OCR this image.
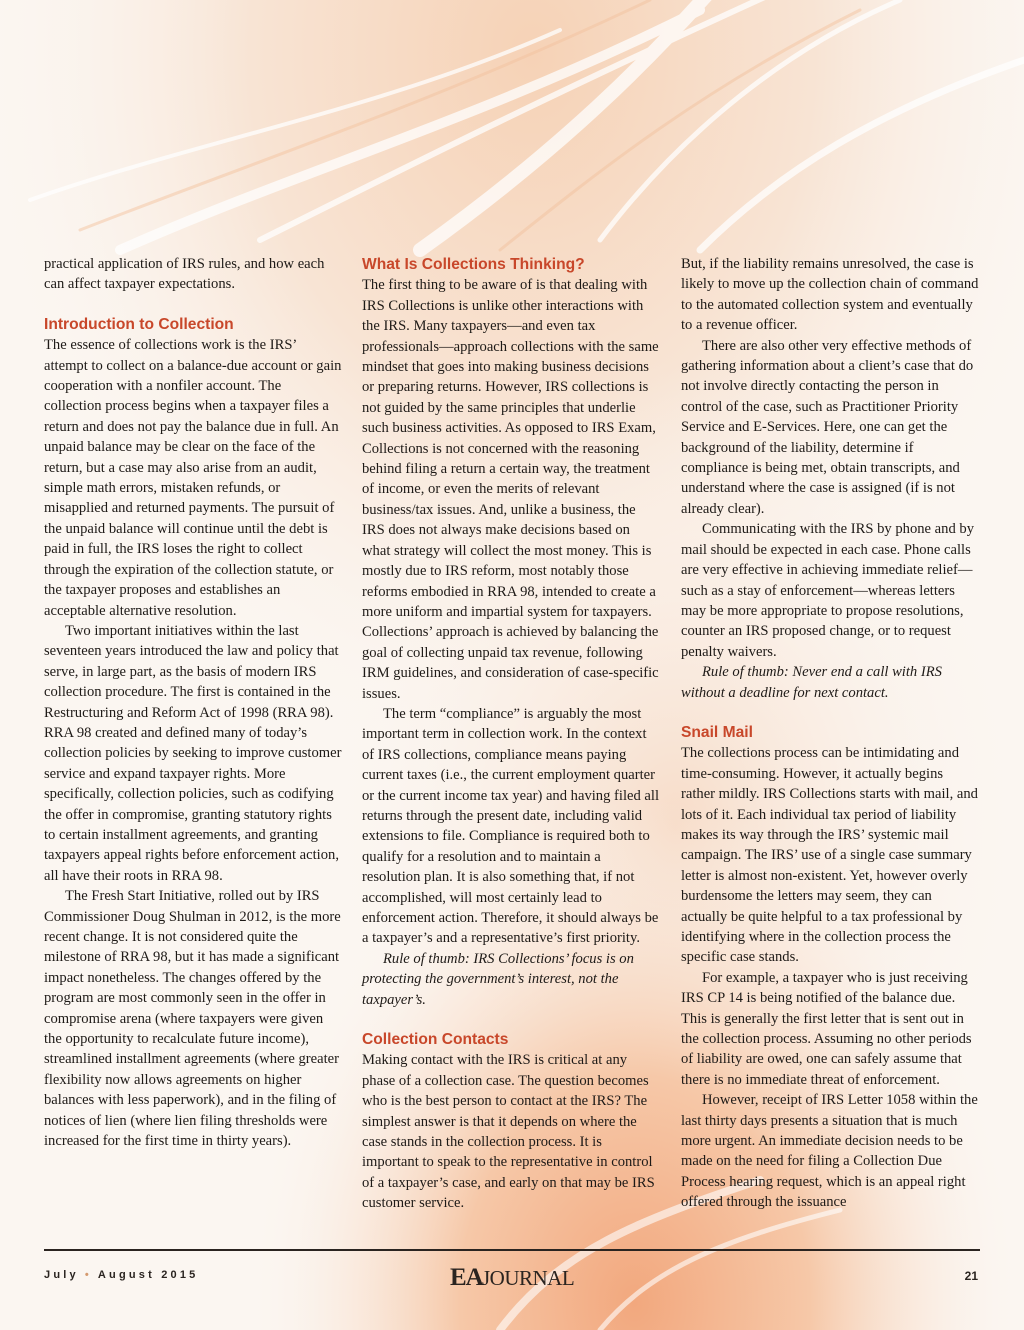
practical application of IRS rules, and how each can affect taxpayer expectations.

Introduction to Collection

The essence of collections work is the IRS’ attempt to collect on a balance-due account or gain cooperation with a nonfiler account. The collection process begins when a taxpayer files a return and does not pay the balance due in full. An unpaid balance may be clear on the face of the return, but a case may also arise from an audit, simple math errors, mistaken refunds, or misapplied and returned payments. The pursuit of the unpaid balance will continue until the debt is paid in full, the IRS loses the right to collect through the expiration of the collection statute, or the taxpayer proposes and establishes an acceptable alternative resolution.

Two important initiatives within the last seventeen years introduced the law and policy that serve, in large part, as the basis of modern IRS collection procedure. The first is contained in the Restructuring and Reform Act of 1998 (RRA 98). RRA 98 created and defined many of today’s collection policies by seeking to improve customer service and expand taxpayer rights. More specifically, collection policies, such as codifying the offer in compromise, granting statutory rights to certain installment agreements, and granting taxpayers appeal rights before enforcement action, all have their roots in RRA 98.

The Fresh Start Initiative, rolled out by IRS Commissioner Doug Shulman in 2012, is the more recent change. It is not considered quite the milestone of RRA 98, but it has made a significant impact nonetheless. The changes offered by the program are most commonly seen in the offer in compromise arena (where taxpayers were given the opportunity to recalculate future income), streamlined installment agreements (where greater flexibility now allows agreements on higher balances with less paperwork), and in the filing of notices of lien (where lien filing thresholds were increased for the first time in thirty years).

What Is Collections Thinking?

The first thing to be aware of is that dealing with IRS Collections is unlike other interactions with the IRS. Many taxpayers—and even tax professionals—approach collections with the same mindset that goes into making business decisions or preparing returns. However, IRS collections is not guided by the same principles that underlie such business activities. As opposed to IRS Exam, Collections is not concerned with the reasoning behind filing a return a certain way, the treatment of income, or even the merits of relevant business/tax issues. And, unlike a business, the IRS does not always make decisions based on what strategy will collect the most money. This is mostly due to IRS reform, most notably those reforms embodied in RRA 98, intended to create a more uniform and impartial system for taxpayers. Collections’ approach is achieved by balancing the goal of collecting unpaid tax revenue, following IRM guidelines, and consideration of case-specific issues.

The term “compliance” is arguably the most important term in collection work. In the context of IRS collections, compliance means paying current taxes (i.e., the current employment quarter or the current income tax year) and having filed all returns through the present date, including valid extensions to file. Compliance is required both to qualify for a resolution and to maintain a resolution plan. It is also something that, if not accomplished, will most certainly lead to enforcement action. Therefore, it should always be a taxpayer’s and a representative’s first priority.

Rule of thumb: IRS Collections’ focus is on protecting the government’s interest, not the taxpayer’s.

Collection Contacts

Making contact with the IRS is critical at any phase of a collection case. The question becomes who is the best person to contact at the IRS? The simplest answer is that it depends on where the case stands in the collection process. It is important to speak to the representative in control of a taxpayer’s case, and early on that may be IRS customer service.

But, if the liability remains unresolved, the case is likely to move up the collection chain of command to the automated collection system and eventually to a revenue officer.

There are also other very effective methods of gathering information about a client’s case that do not involve directly contacting the person in control of the case, such as Practitioner Priority Service and E-Services. Here, one can get the background of the liability, determine if compliance is being met, obtain transcripts, and understand where the case is assigned (if is not already clear).

Communicating with the IRS by phone and by mail should be expected in each case. Phone calls are very effective in achieving immediate relief—such as a stay of enforcement—whereas letters may be more appropriate to propose resolutions, counter an IRS proposed change, or to request penalty waivers.

Rule of thumb: Never end a call with IRS without a deadline for next contact.

Snail Mail

The collections process can be intimidating and time-consuming. However, it actually begins rather mildly. IRS Collections starts with mail, and lots of it. Each individual tax period of liability makes its way through the IRS’ systemic mail campaign. The IRS’ use of a single case summary letter is almost non-existent. Yet, however overly burdensome the letters may seem, they can actually be quite helpful to a tax professional by identifying where in the collection process the specific case stands.

For example, a taxpayer who is just receiving IRS CP 14 is being notified of the balance due. This is generally the first letter that is sent out in the collection process. Assuming no other periods of liability are owed, one can safely assume that there is no immediate threat of enforcement.

However, receipt of IRS Letter 1058 within the last thirty days presents a situation that is much more urgent. An immediate decision needs to be made on the need for filing a Collection Due Process hearing request, which is an appeal right offered through the issuance

July • August 2015	EA JOURNAL	21
